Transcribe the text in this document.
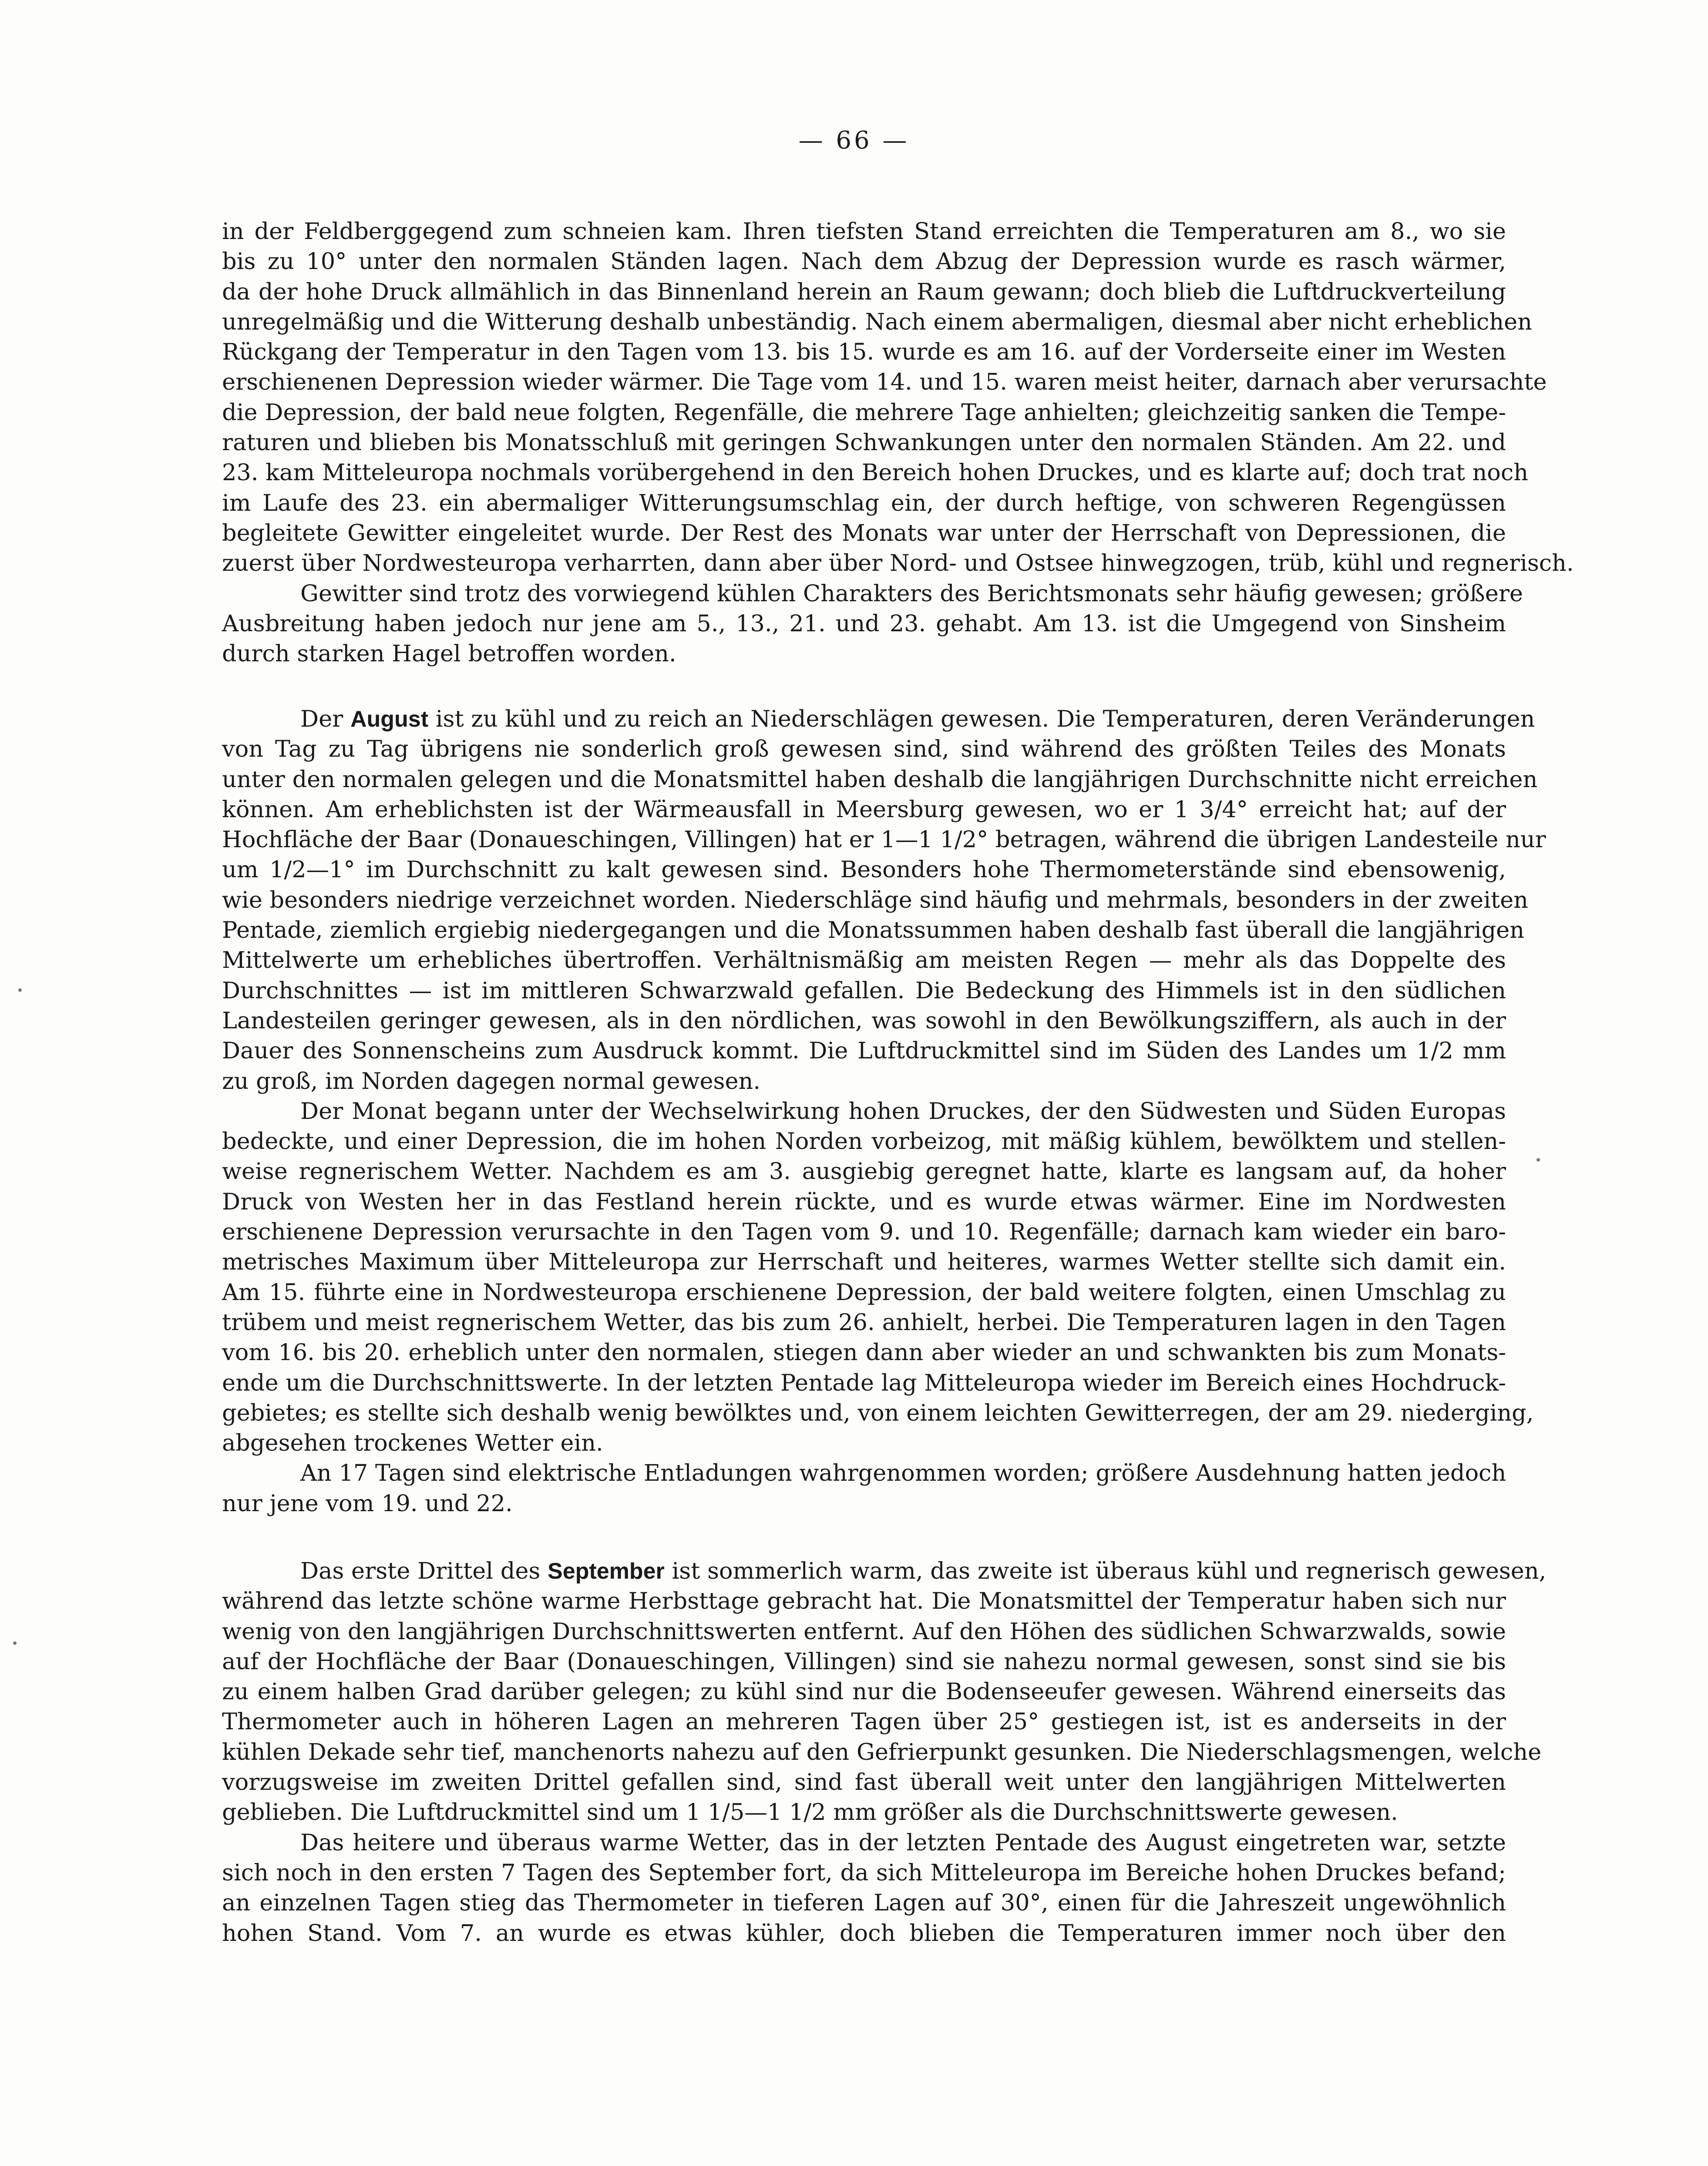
— 66 —
in der Feldberggegend zum schneien kam. Ihren tiefsten Stand erreichten die Temperaturen am 8., wo sie
bis zu 10° unter den normalen Ständen lagen. Nach dem Abzug der Depression wurde es rasch wärmer,
da der hohe Druck allmählich in das Binnenland herein an Raum gewann; doch blieb die Luftdruckverteilung
unregelmäßig und die Witterung deshalb unbeständig. Nach einem abermaligen, diesmal aber nicht erheblichen
Rückgang der Temperatur in den Tagen vom 13. bis 15. wurde es am 16. auf der Vorderseite einer im Westen
erschienenen Depression wieder wärmer. Die Tage vom 14. und 15. waren meist heiter, darnach aber verursachte
die Depression, der bald neue folgten, Regenfälle, die mehrere Tage anhielten; gleichzeitig sanken die Tempe-
raturen und blieben bis Monatsschluß mit geringen Schwankungen unter den normalen Ständen. Am 22. und
23. kam Mitteleuropa nochmals vorübergehend in den Bereich hohen Druckes, und es klarte auf; doch trat noch
im Laufe des 23. ein abermaliger Witterungsumschlag ein, der durch heftige, von schweren Regengüssen
begleitete Gewitter eingeleitet wurde. Der Rest des Monats war unter der Herrschaft von Depressionen, die
zuerst über Nordwesteuropa verharrten, dann aber über Nord- und Ostsee hinwegzogen, trüb, kühl und regnerisch.
Gewitter sind trotz des vorwiegend kühlen Charakters des Berichtsmonats sehr häufig gewesen; größere
Ausbreitung haben jedoch nur jene am 5., 13., 21. und 23. gehabt. Am 13. ist die Umgegend von Sinsheim
durch starken Hagel betroffen worden.
Der August ist zu kühl und zu reich an Niederschlägen gewesen. Die Temperaturen, deren Veränderungen
von Tag zu Tag übrigens nie sonderlich groß gewesen sind, sind während des größten Teiles des Monats
unter den normalen gelegen und die Monatsmittel haben deshalb die langjährigen Durchschnitte nicht erreichen
können. Am erheblichsten ist der Wärmeausfall in Meersburg gewesen, wo er 1 3/4° erreicht hat; auf der
Hochfläche der Baar (Donaueschingen, Villingen) hat er 1—1 1/2° betragen, während die übrigen Landesteile nur
um 1/2—1° im Durchschnitt zu kalt gewesen sind. Besonders hohe Thermometerstände sind ebensowenig,
wie besonders niedrige verzeichnet worden. Niederschläge sind häufig und mehrmals, besonders in der zweiten
Pentade, ziemlich ergiebig niedergegangen und die Monatssummen haben deshalb fast überall die langjährigen
Mittelwerte um erhebliches übertroffen. Verhältnismäßig am meisten Regen — mehr als das Doppelte des
Durchschnittes — ist im mittleren Schwarzwald gefallen. Die Bedeckung des Himmels ist in den südlichen
Landesteilen geringer gewesen, als in den nördlichen, was sowohl in den Bewölkungsziffern, als auch in der
Dauer des Sonnenscheins zum Ausdruck kommt. Die Luftdruckmittel sind im Süden des Landes um 1/2 mm
zu groß, im Norden dagegen normal gewesen.
Der Monat begann unter der Wechselwirkung hohen Druckes, der den Südwesten und Süden Europas
bedeckte, und einer Depression, die im hohen Norden vorbeizog, mit mäßig kühlem, bewölktem und stellen-
weise regnerischem Wetter. Nachdem es am 3. ausgiebig geregnet hatte, klarte es langsam auf, da hoher
Druck von Westen her in das Festland herein rückte, und es wurde etwas wärmer. Eine im Nordwesten
erschienene Depression verursachte in den Tagen vom 9. und 10. Regenfälle; darnach kam wieder ein baro-
metrisches Maximum über Mitteleuropa zur Herrschaft und heiteres, warmes Wetter stellte sich damit ein.
Am 15. führte eine in Nordwesteuropa erschienene Depression, der bald weitere folgten, einen Umschlag zu
trübem und meist regnerischem Wetter, das bis zum 26. anhielt, herbei. Die Temperaturen lagen in den Tagen
vom 16. bis 20. erheblich unter den normalen, stiegen dann aber wieder an und schwankten bis zum Monats-
ende um die Durchschnittswerte. In der letzten Pentade lag Mitteleuropa wieder im Bereich eines Hochdruck-
gebietes; es stellte sich deshalb wenig bewölktes und, von einem leichten Gewitterregen, der am 29. niederging,
abgesehen trockenes Wetter ein.
An 17 Tagen sind elektrische Entladungen wahrgenommen worden; größere Ausdehnung hatten jedoch
nur jene vom 19. und 22.
Das erste Drittel des September ist sommerlich warm, das zweite ist überaus kühl und regnerisch gewesen,
während das letzte schöne warme Herbsttage gebracht hat. Die Monatsmittel der Temperatur haben sich nur
wenig von den langjährigen Durchschnittswerten entfernt. Auf den Höhen des südlichen Schwarzwalds, sowie
auf der Hochfläche der Baar (Donaueschingen, Villingen) sind sie nahezu normal gewesen, sonst sind sie bis
zu einem halben Grad darüber gelegen; zu kühl sind nur die Bodenseeufer gewesen. Während einerseits das
Thermometer auch in höheren Lagen an mehreren Tagen über 25° gestiegen ist, ist es anderseits in der
kühlen Dekade sehr tief, manchenorts nahezu auf den Gefrierpunkt gesunken. Die Niederschlagsmengen, welche
vorzugsweise im zweiten Drittel gefallen sind, sind fast überall weit unter den langjährigen Mittelwerten
geblieben. Die Luftdruckmittel sind um 1 1/5—1 1/2 mm größer als die Durchschnittswerte gewesen.
Das heitere und überaus warme Wetter, das in der letzten Pentade des August eingetreten war, setzte
sich noch in den ersten 7 Tagen des September fort, da sich Mitteleuropa im Bereiche hohen Druckes befand;
an einzelnen Tagen stieg das Thermometer in tieferen Lagen auf 30°, einen für die Jahreszeit ungewöhnlich
hohen Stand. Vom 7. an wurde es etwas kühler, doch blieben die Temperaturen immer noch über den
